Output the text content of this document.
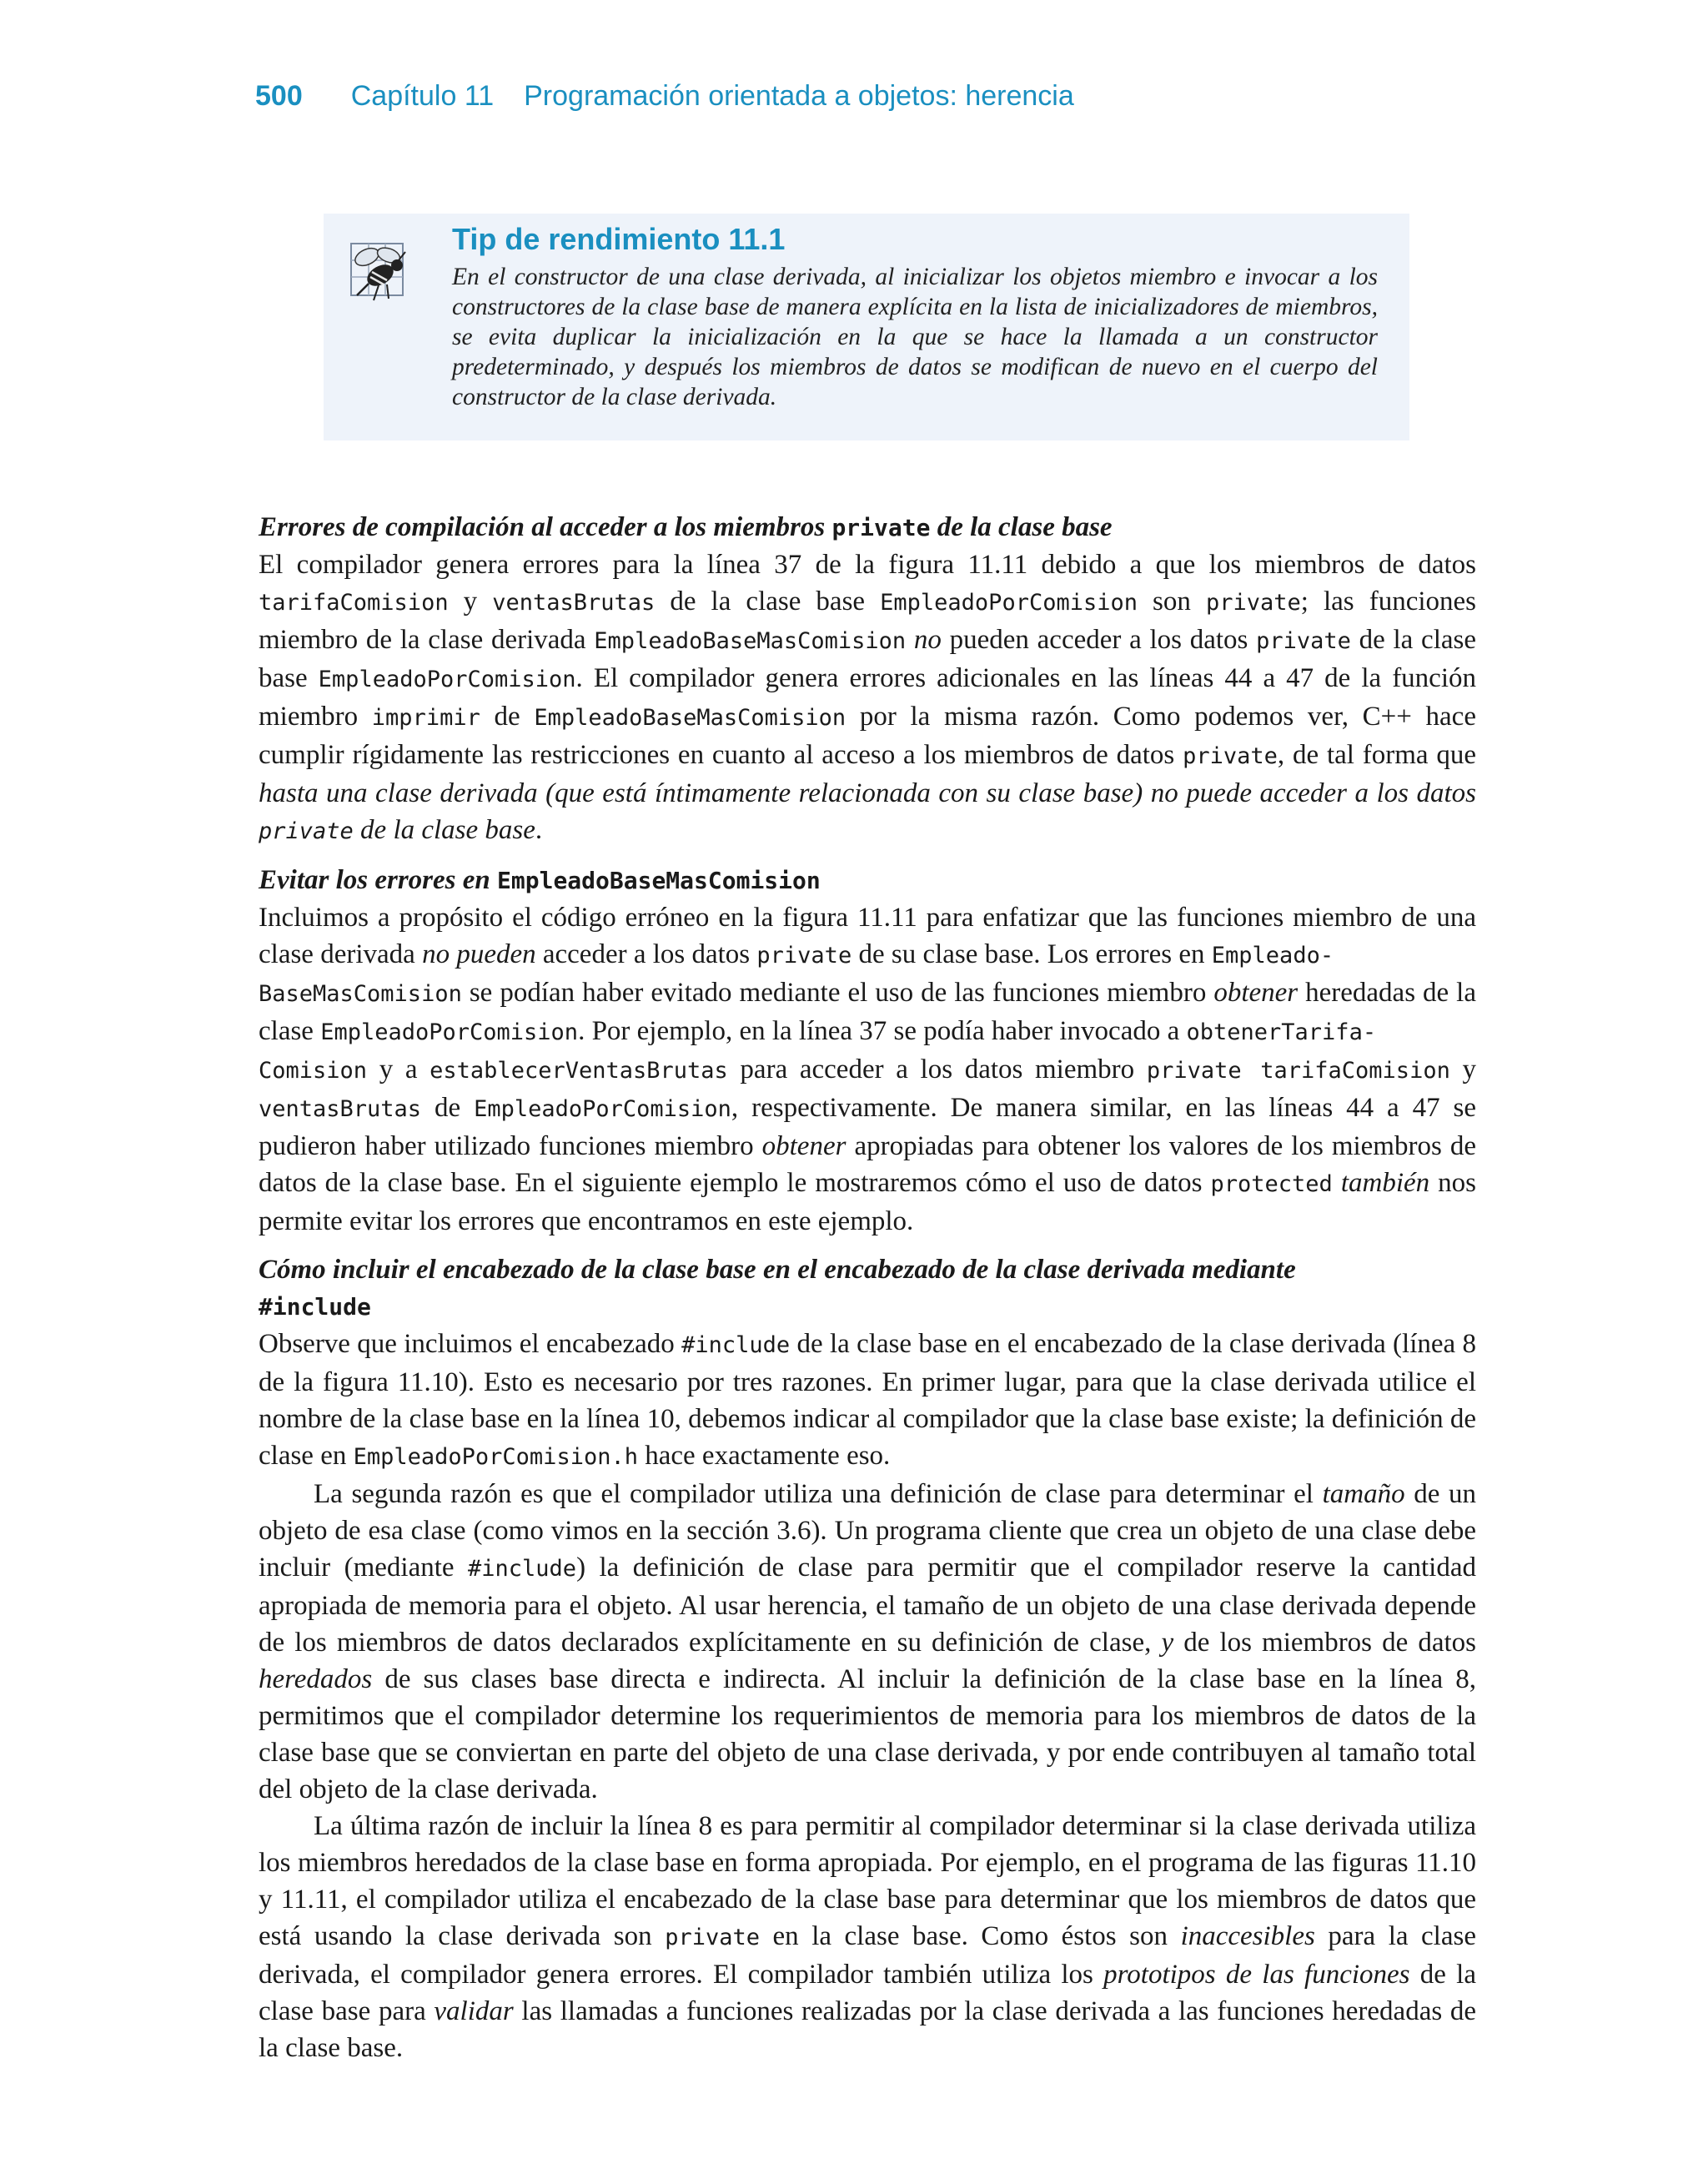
500 Capítulo 11 Programación orientada a objetos: herencia
Tip de rendimiento 11.1
En el constructor de una clase derivada, al inicializar los objetos miembro e invocar a los constructores de la clase base de manera explícita en la lista de inicializadores de miembros, se evita duplicar la inicialización en la que se hace la llamada a un constructor predeterminado, y después los miembros de datos se modifican de nuevo en el cuerpo del constructor de la clase derivada.

Errores de compilación al acceder a los miembros private de la clase base

El compilador genera errores para la línea 37 de la figura 11.11 debido a que los miembros de datos tarifaComision y ventasBrutas de la clase base EmpleadoPorComision son private; las funciones miembro de la clase derivada EmpleadoBaseMasComision no pueden acceder a los datos private de la clase base EmpleadoPorComision. El compilador genera errores adicionales en las líneas 44 a 47 de la función miembro imprimir de EmpleadoBaseMasComision por la misma razón. Como podemos ver, C++ hace cumplir rígidamente las restricciones en cuanto al acceso a los miembros de datos private, de tal forma que hasta una clase derivada (que está íntimamente relacionada con su clase base) no puede acceder a los datos private de la clase base.

Evitar los errores en EmpleadoBaseMasComision

Incluimos a propósito el código erróneo en la figura 11.11 para enfatizar que las funciones miembro de una clase derivada no pueden acceder a los datos private de su clase base. Los errores en Empleado-
BaseMasComision se podían haber evitado mediante el uso de las funciones miembro obtener heredadas de la clase EmpleadoPorComision. Por ejemplo, en la línea 37 se podía haber invocado a obtenerTarifa-
Comision y a establecerVentasBrutas para acceder a los datos miembro private tarifaComision y ventasBrutas de EmpleadoPorComision, respectivamente. De manera similar, en las líneas 44 a 47 se pudieron haber utilizado funciones miembro obtener apropiadas para obtener los valores de los miembros de datos de la clase base. En el siguiente ejemplo le mostraremos cómo el uso de datos protected también nos permite evitar los errores que encontramos en este ejemplo.

Cómo incluir el encabezado de la clase base en el encabezado de la clase derivada mediante
#include

Observe que incluimos el encabezado #include de la clase base en el encabezado de la clase derivada (línea 8 de la figura 11.10). Esto es necesario por tres razones. En primer lugar, para que la clase derivada utilice el nombre de la clase base en la línea 10, debemos indicar al compilador que la clase base existe; la definición de clase en EmpleadoPorComision.h hace exactamente eso.

La segunda razón es que el compilador utiliza una definición de clase para determinar el tamaño de un objeto de esa clase (como vimos en la sección 3.6). Un programa cliente que crea un objeto de una clase debe incluir (mediante #include) la definición de clase para permitir que el compilador reserve la cantidad apropiada de memoria para el objeto. Al usar herencia, el tamaño de un objeto de una clase derivada depende de los miembros de datos declarados explícitamente en su definición de clase, y de los miembros de datos heredados de sus clases base directa e indirecta. Al incluir la definición de la clase base en la línea 8, permitimos que el compilador determine los requerimientos de memoria para los miembros de datos de la clase base que se conviertan en parte del objeto de una clase derivada, y por ende contribuyen al tamaño total del objeto de la clase derivada.

La última razón de incluir la línea 8 es para permitir al compilador determinar si la clase derivada utiliza los miembros heredados de la clase base en forma apropiada. Por ejemplo, en el programa de las figuras 11.10 y 11.11, el compilador utiliza el encabezado de la clase base para determinar que los miembros de datos que está usando la clase derivada son private en la clase base. Como éstos son inaccesibles para la clase derivada, el compilador genera errores. El compilador también utiliza los prototipos de las funciones de la clase base para validar las llamadas a funciones realizadas por la clase derivada a las funciones heredadas de la clase base.
